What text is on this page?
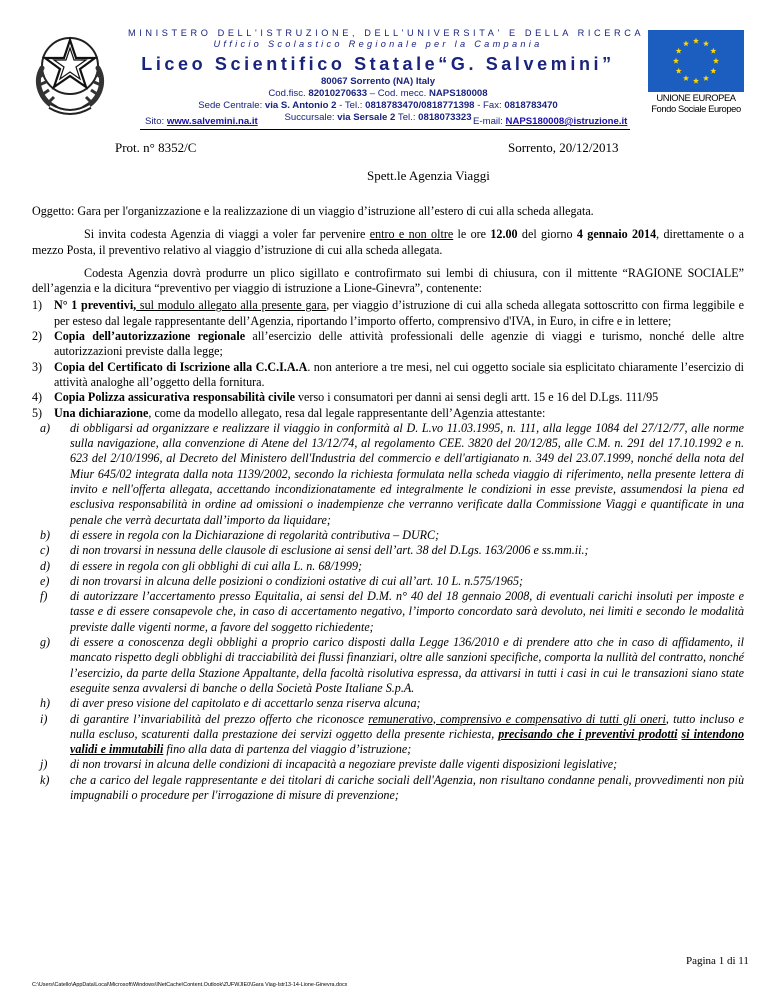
MINISTERO DELL'ISTRUZIONE, DELL'UNIVERSITA' E DELLA RICERCA
Ufficio Scolastico Regionale per la Campania
Liceo Scientifico Statale“G. Salvemini”
80067 Sorrento (NA) Italy
Cod.fisc. 82010270633 – Cod. mecc. NAPS180008
Sede Centrale: via S. Antonio 2 - Tel.: 0818783470/0818771398 - Fax: 0818783470
Succursale: via Sersale 2 Tel.: 0818073323
UNIONE EUROPEA
Fondo Sociale Europeo
Sito: www.salvemini.na.it	E-mail: NAPS180008@istruzione.it
Prot. n° 8352/C	Sorrento, 20/12/2013
Spett.le Agenzia Viaggi

Oggetto: Gara per l'organizzazione e la realizzazione di un viaggio d’istruzione all’estero di cui alla scheda allegata.

Si invita codesta Agenzia di viaggi a voler far pervenire entro e non oltre le ore 12.00 del giorno 4 gennaio 2014, direttamente o a mezzo Posta, il preventivo relativo al viaggio d’istruzione di cui alla scheda allegata.

Codesta Agenzia dovrà produrre un plico sigillato e controfirmato sui lembi di chiusura, con il mittente “RAGIONE SOCIALE” dell’agenzia e la dicitura “preventivo per viaggio di istruzione a Lione-Ginevra”, contenente:

1) N° 1 preventivi, sul modulo allegato alla presente gara, per viaggio d’istruzione di cui alla scheda allegata sottoscritto con firma leggibile e per esteso dal legale rappresentante dell’Agenzia, riportando l’importo offerto, comprensivo d'IVA, in Euro, in cifre e in lettere;
2) Copia dell’autorizzazione regionale all’esercizio delle attività professionali delle agenzie di viaggi e turismo, nonché delle altre autorizzazioni previste dalla legge;
3) Copia del Certificato di Iscrizione alla C.C.I.A.A. non anteriore a tre mesi, nel cui oggetto sociale sia esplicitato chiaramente l’esercizio di attività analoghe all’oggetto della fornitura.
4) Copia Polizza assicurativa responsabilità civile verso i consumatori per danni ai sensi degli artt. 15 e 16 del D.Lgs. 111/95
5) Una dichiarazione, come da modello allegato, resa dal legale rappresentante dell’Agenzia attestante:
a) di obbligarsi ad organizzare e realizzare il viaggio in conformità al D. L.vo 11.03.1995, n. 111, alla legge 1084 del 27/12/77, alle norme sulla navigazione, alla convenzione di Atene del 13/12/74, al regolamento CEE. 3820 del 20/12/85, alle C.M. n. 291 del 17.10.1992 e n. 623 del 2/10/1996, al Decreto del Ministero dell'Industria del commercio e dell'artigianato n. 349 del 23.07.1999, nonché della nota del Miur 645/02 integrata dalla nota 1139/2002, secondo la richiesta formulata nella scheda viaggio di riferimento, nella presente lettera di invito e nell'offerta allegata, accettando incondizionatamente ed integralmente le condizioni in esse previste, assumendosi la piena ed esclusiva responsabilità in ordine ad omissioni o inadempienze che verranno verificate dalla Commissione Viaggi e quantificate in una penale che verrà decurtata dall’importo da liquidare;
b) di essere in regola con la Dichiarazione di regolarità contributiva – DURC;
c) di non trovarsi in nessuna delle clausole di esclusione ai sensi dell’art. 38 del D.Lgs. 163/2006 e ss.mm.ii.;
d) di essere in regola con gli obblighi di cui alla L. n. 68/1999;
e) di non trovarsi in alcuna delle posizioni o condizioni ostative di cui all’art. 10 L. n.575/1965;
f) di autorizzare l’accertamento presso Equitalia, ai sensi del D.M. n° 40 del 18 gennaio 2008, di eventuali carichi insoluti per imposte e tasse e di essere consapevole che, in caso di accertamento negativo, l’importo concordato sarà devoluto, nei limiti e secondo le modalità previste dalle vigenti norme, a favore del soggetto richiedente;
g) di essere a conoscenza degli obblighi a proprio carico disposti dalla Legge 136/2010 e di prendere atto che in caso di affidamento, il mancato rispetto degli obblighi di tracciabilità dei flussi finanziari, oltre alle sanzioni specifiche, comporta la nullità del contratto, nonché l’esercizio, da parte della Stazione Appaltante, della facoltà risolutiva espressa, da attivarsi in tutti i casi in cui le transazioni siano state eseguite senza avvalersi di banche o della Società Poste Italiane S.p.A.
h) di aver preso visione del capitolato e di accettarlo senza riserva alcuna;
i) di garantire l’invariabilità del prezzo offerto che riconosce remunerativo, comprensivo e compensativo di tutti gli oneri, tutto incluso e nulla escluso, scaturenti dalla prestazione dei servizi oggetto della presente richiesta, precisando che i preventivi prodotti si intendono validi e immutabili fino alla data di partenza del viaggio d’istruzione;
j) di non trovarsi in alcuna delle condizioni di incapacità a negoziare previste dalle vigenti disposizioni legislative;
k) che a carico del legale rappresentante e dei titolari di cariche sociali dell'Agenzia, non risultano condanne penali, provvedimenti non più impugnabili o procedure per l'irrogazione di misure di prevenzione;
Pagina 1 di 11
C:\Users\Catello\AppData\Local\Microsoft\Windows\INetCache\Content.Outlook\ZUFWJIE0\Gara Viag-Istr13-14-Lione-Ginevra.docx
